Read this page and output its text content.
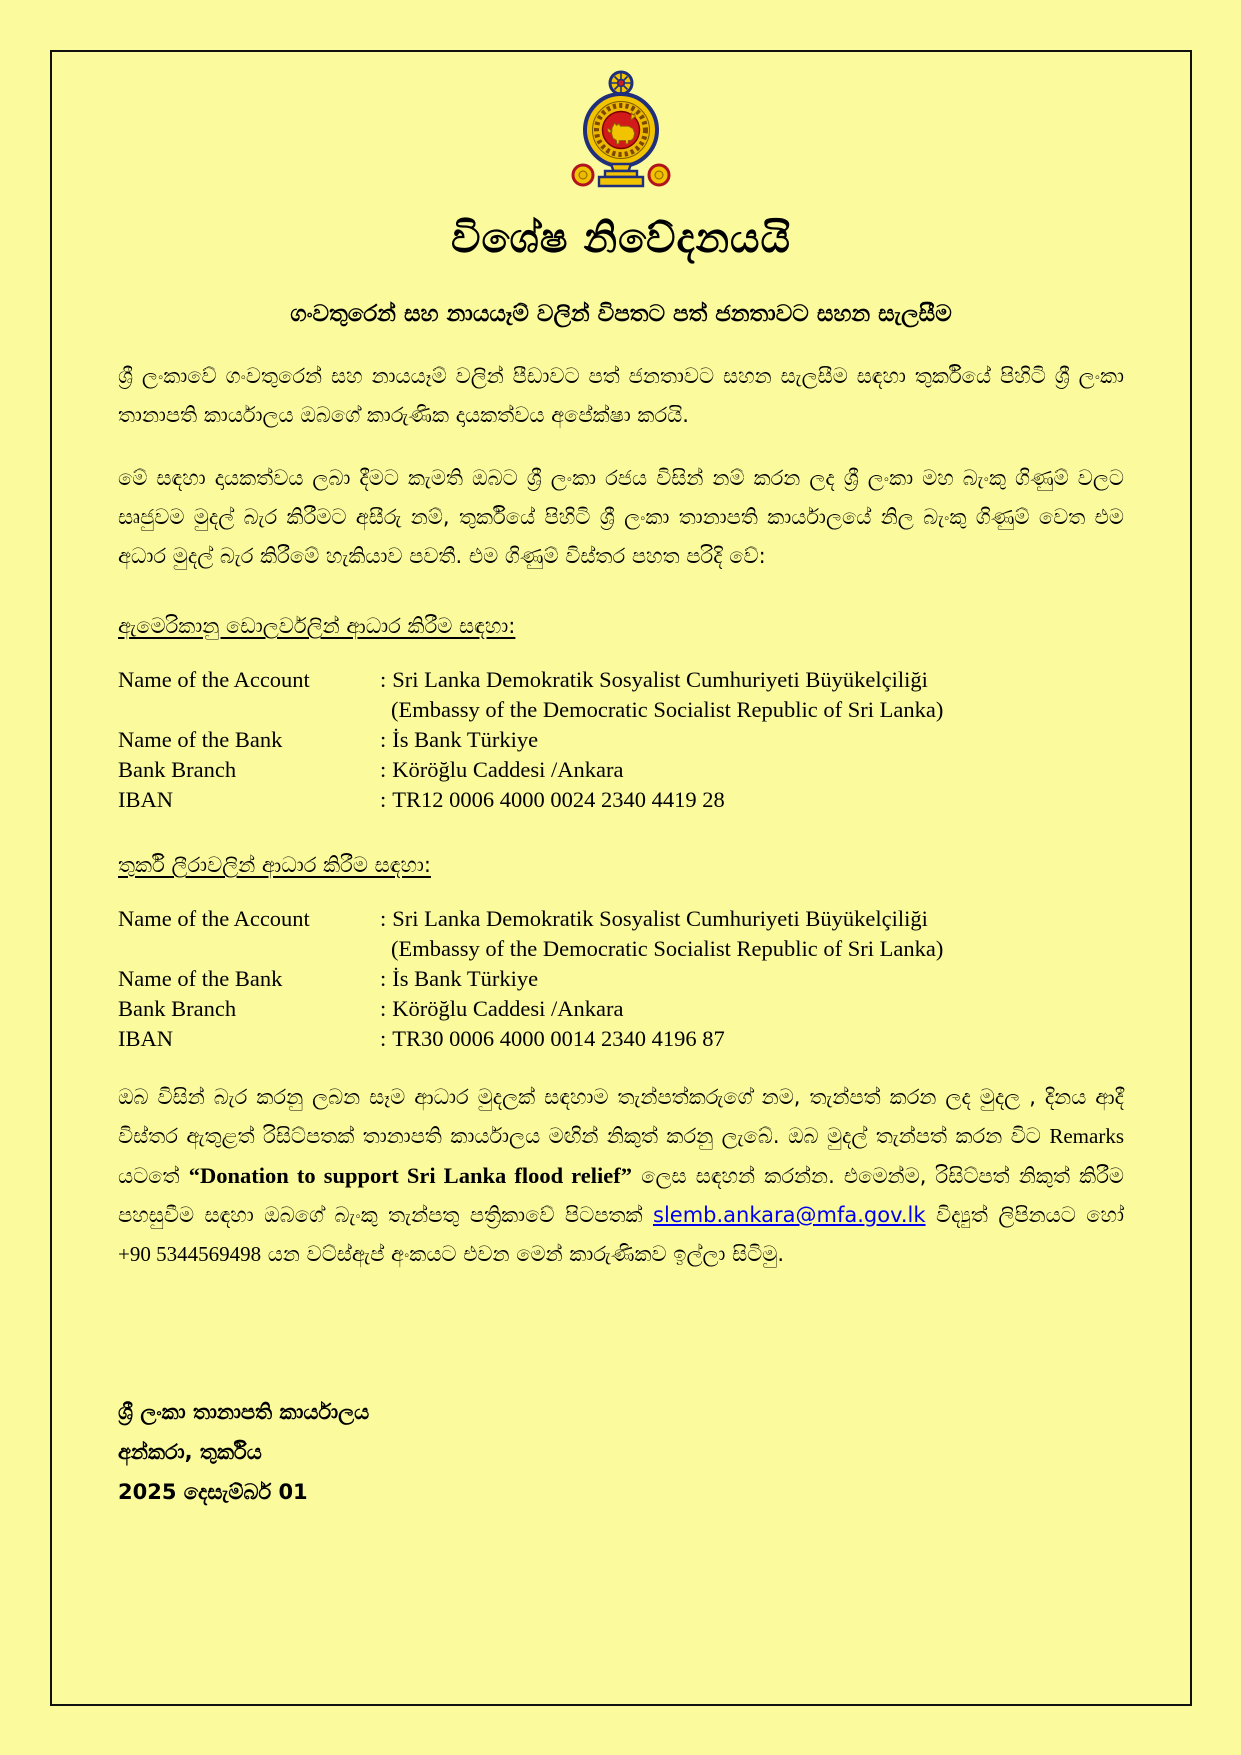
විශේෂ නිවේදනයයි
ගංවතුරෙන් සහ නායයෑම් වලින් විපතට පත් ජනතාවට සහන සැලසීම

ශ්‍රී ලංකාවේ ගංවතුරෙන් සහ නායයෑම් වලින් පීඩාවට පත් ජනතාවට සහන සැලසීම සඳහා තුර්කියේ පිහිටි ශ්‍රී ලංකා තානාපති කාර්යාලය ඔබගේ කාරුණික දායකත්වය අපේක්ෂා කරයි.

මේ සඳහා දායකත්වය ලබා දීමට කැමති ඔබට ශ්‍රී ලංකා රජය විසින් නම් කරන ලද ශ්‍රී ලංකා මහ බැංකු ගිණුම් වලට සෘජුවම මුදල් බැර කිරීමට අසීරු නම්, තුර්කියේ පිහිටි ශ්‍රී ලංකා තානාපති කාර්යාලයේ නිල බැංකු ගිණුම් වෙත එම අධාර මුදල් බැර කිරීමේ හැකියාව පවතී. එම ගිණුම් විස්තර පහත පරිදි වේ:

ඇමෙරිකානු ඩොලර්වලින් ආධාර කිරීම සඳහා:
Name of the Account	: Sri Lanka Demokratik Sosyalist Cumhuriyeti Büyükelçiliği
(Embassy of the Democratic Socialist Republic of Sri Lanka)
Name of the Bank	: İs Bank Türkiye
Bank Branch	: Köröğlu Caddesi /Ankara
IBAN	: TR12 0006 4000 0024 2340 4419 28
තුර්කි ලීරාවලින් ආධාර කිරීම සඳහා:
Name of the Account	: Sri Lanka Demokratik Sosyalist Cumhuriyeti Büyükelçiliği
(Embassy of the Democratic Socialist Republic of Sri Lanka)
Name of the Bank	: İs Bank Türkiye
Bank Branch	: Köröğlu Caddesi /Ankara
IBAN	: TR30 0006 4000 0014 2340 4196 87

ඔබ විසින් බැර කරනු ලබන සෑම ආධාර මුදලක් සඳහාම තැන්පත්කරුගේ නම, තැන්පත් කරන ලද මුදල , දිනය ආදී විස්තර ඇතුළත් රිසිට්පතක් තානාපති කාර්යාලය මඟින් නිකුත් කරනු ලැබේ. ඔබ මුදල් තැන්පත් කරන විට Remarks යටතේ “Donation to support Sri Lanka flood relief” ලෙස සඳහන් කරන්න. එමෙන්ම, රිසිට්පත් නිකුත් කිරීම පහසුවීම සඳහා ඔබගේ බැංකු තැන්පතු පත්‍රිකාවේ පිටපතක් slemb.ankara@mfa.gov.lk විද්‍යුත් ලිපිනයට හෝ +90 5344569498 යන වට්ස්ඇප් අංකයට එවන මෙන් කාරුණිකව ඉල්ලා සිටිමු.

ශ්‍රී ලංකා තානාපති කාර්යාලය
අන්කරා, තුර්කිය
2025 දෙසැම්බර් 01
